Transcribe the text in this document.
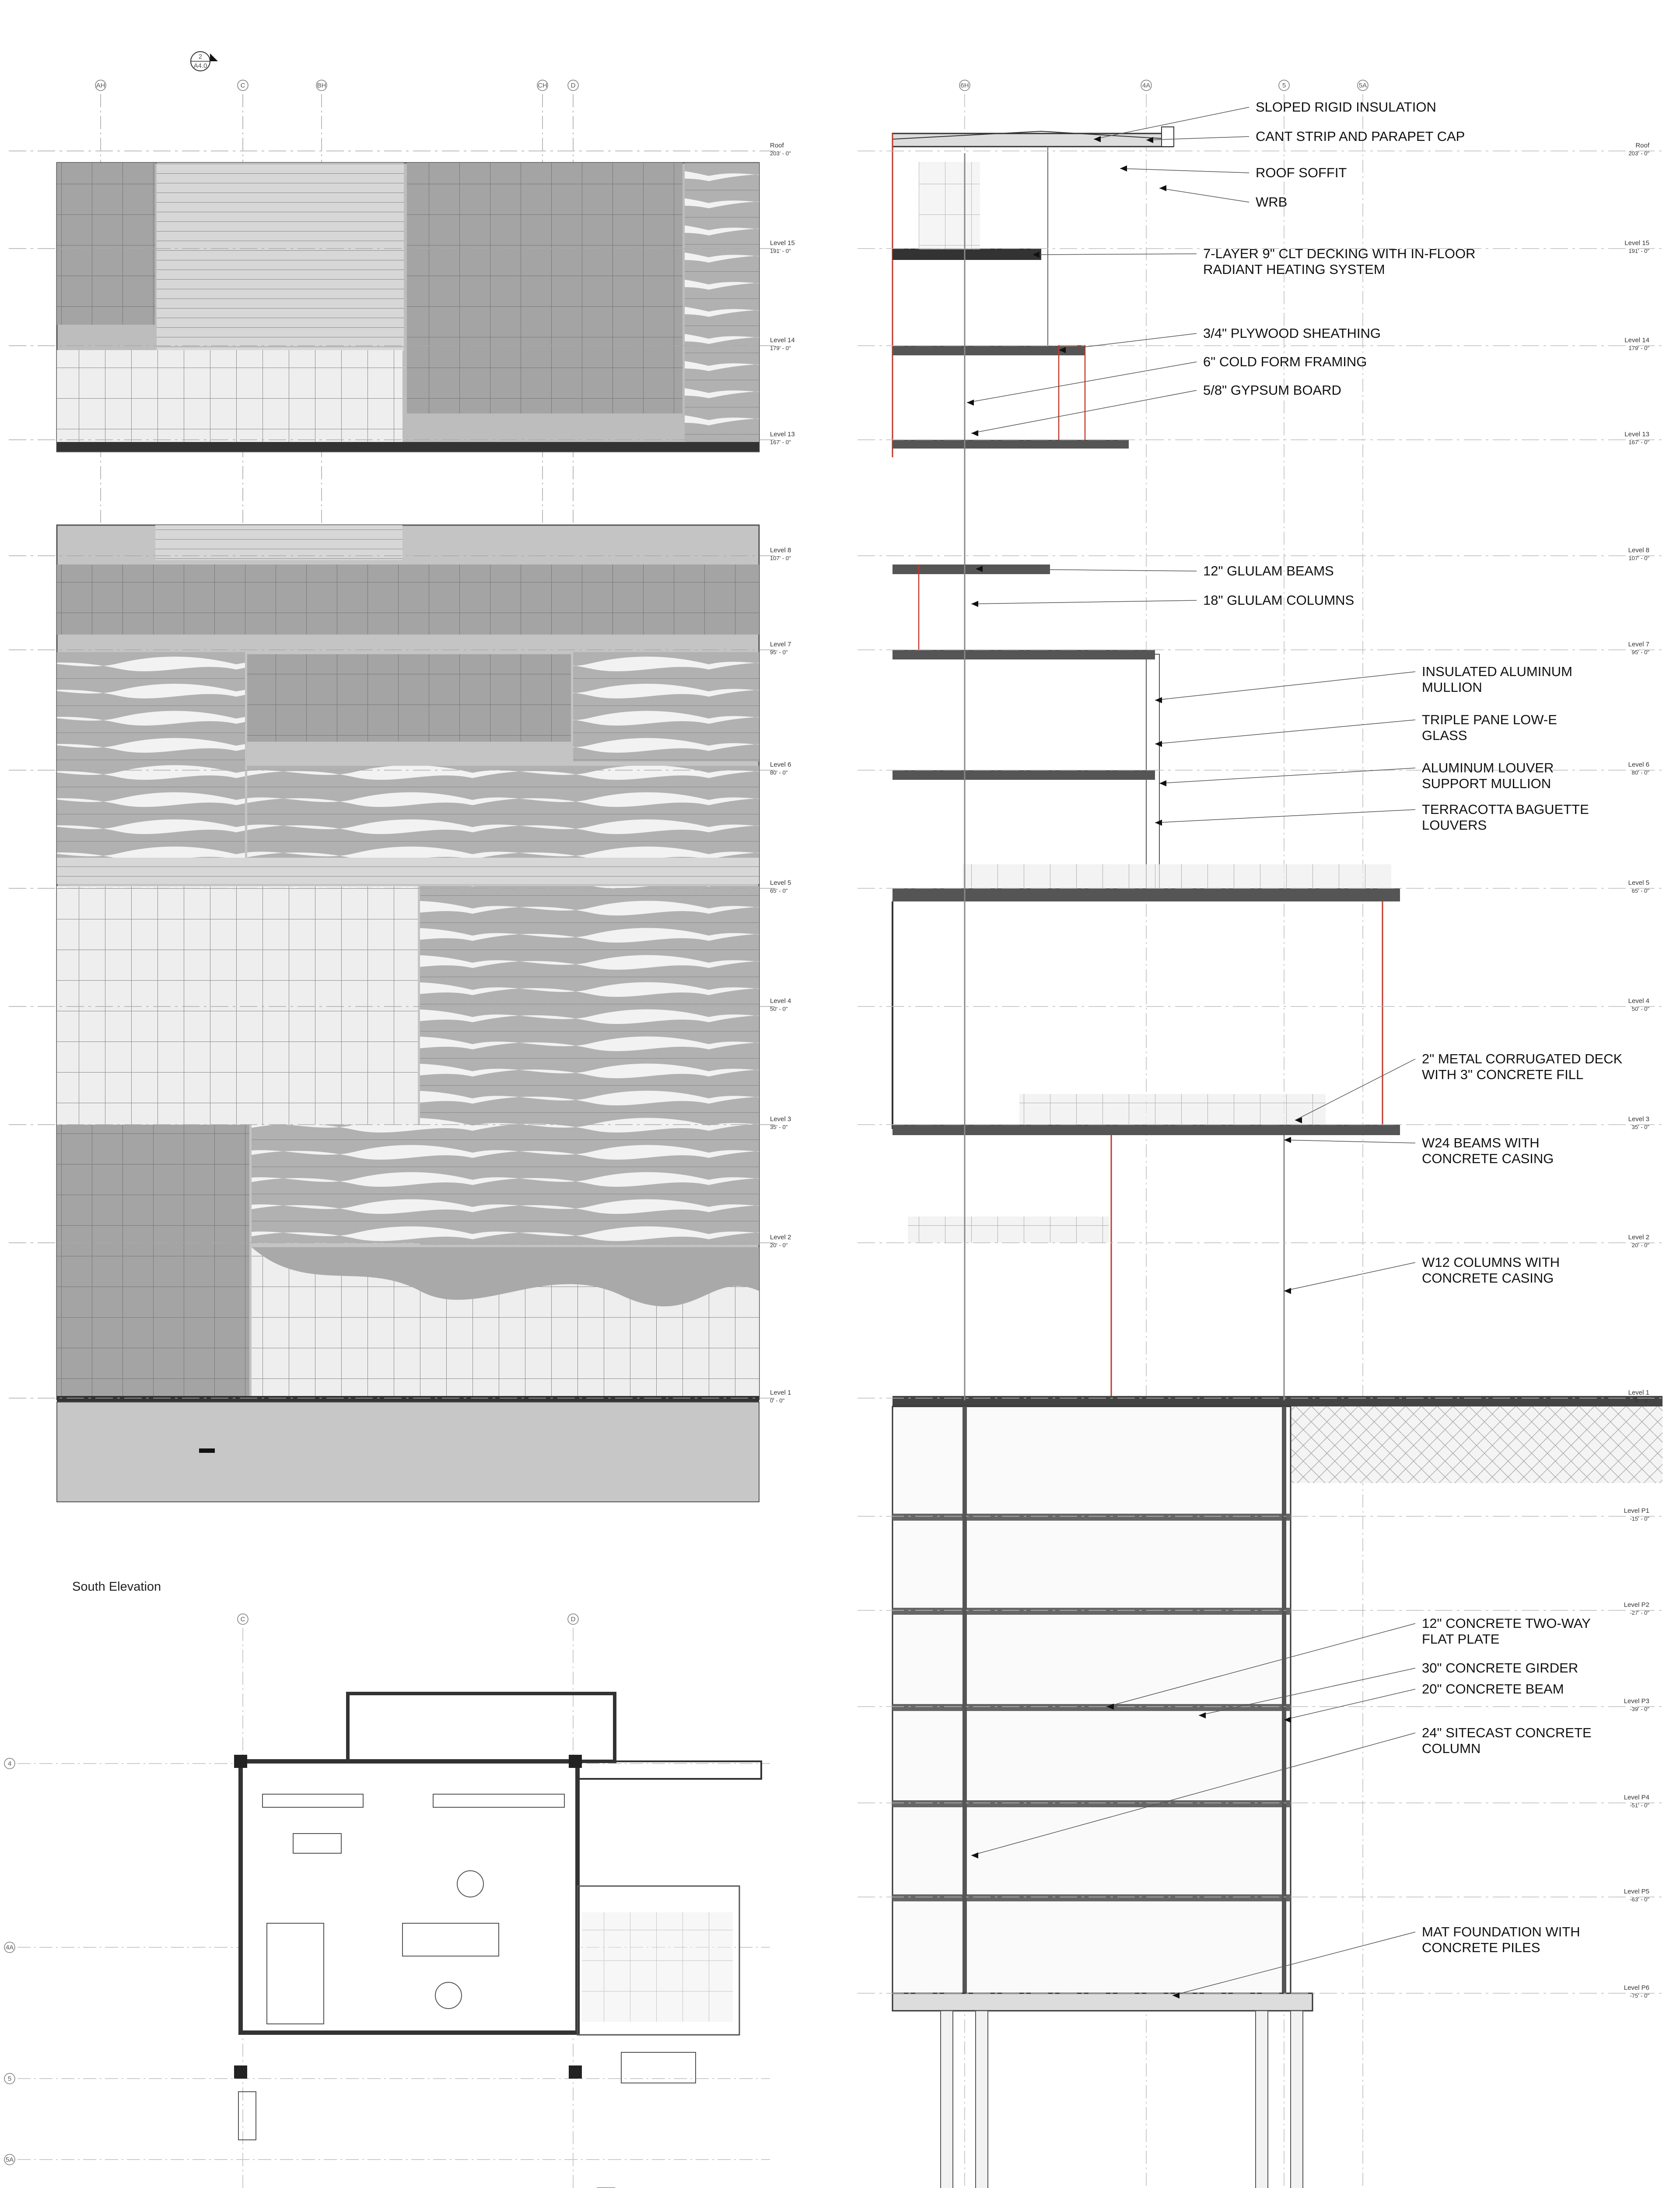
AH	C	BH	CH	D
Roof
203' - 0"
Level 15
191' - 0"
Level 14
179' - 0"
Level 13
167' - 0"
Level 8
107' - 0"
Level 7
95' - 0"
Level 6
80' - 0"
Level 5
65' - 0"
Level 4
50' - 0"
Level 3
35' - 0"
Level 2
20' - 0"
Level 1
0' - 0"
South Elevation
2
A4.0
6H	4A	5	5A
Roof
203' - 0"
Level 15
191' - 0"
Level 14
179' - 0"
Level 13
167' - 0"
Level 8
107' - 0"
Level 7
95' - 0"
Level 6
80' - 0"
Level 5
65' - 0"
Level 4
50' - 0"
Level 3
35' - 0"
Level 2
20' - 0"
Level 1
0' - 0"
Level P1
-15' - 0"
Level P2
-27' - 0"
Level P3
-39' - 0"
Level P4
-51' - 0"
Level P5
-63' - 0"
Level P6
-75' - 0"
SLOPED RIGID INSULATION
CANT STRIP AND PARAPET CAP
ROOF SOFFIT
WRB
7-LAYER 9" CLT DECKING WITH IN-FLOOR
RADIANT HEATING SYSTEM
3/4" PLYWOOD SHEATHING
6" COLD FORM FRAMING
5/8" GYPSUM BOARD
12" GLULAM BEAMS
18" GLULAM COLUMNS
INSULATED ALUMINUM
MULLION
TRIPLE PANE LOW-E
GLASS
ALUMINUM LOUVER
SUPPORT MULLION
TERRACOTTA BAGUETTE
LOUVERS
2" METAL CORRUGATED DECK
WITH 3" CONCRETE FILL
W24 BEAMS WITH
CONCRETE CASING
W12 COLUMNS WITH
CONCRETE CASING
12" CONCRETE TWO-WAY
FLAT PLATE
30" CONCRETE GIRDER
20" CONCRETE BEAM
24" SITECAST CONCRETE
COLUMN
MAT FOUNDATION WITH
CONCRETE PILES
C	D
4
4A
5
5A
